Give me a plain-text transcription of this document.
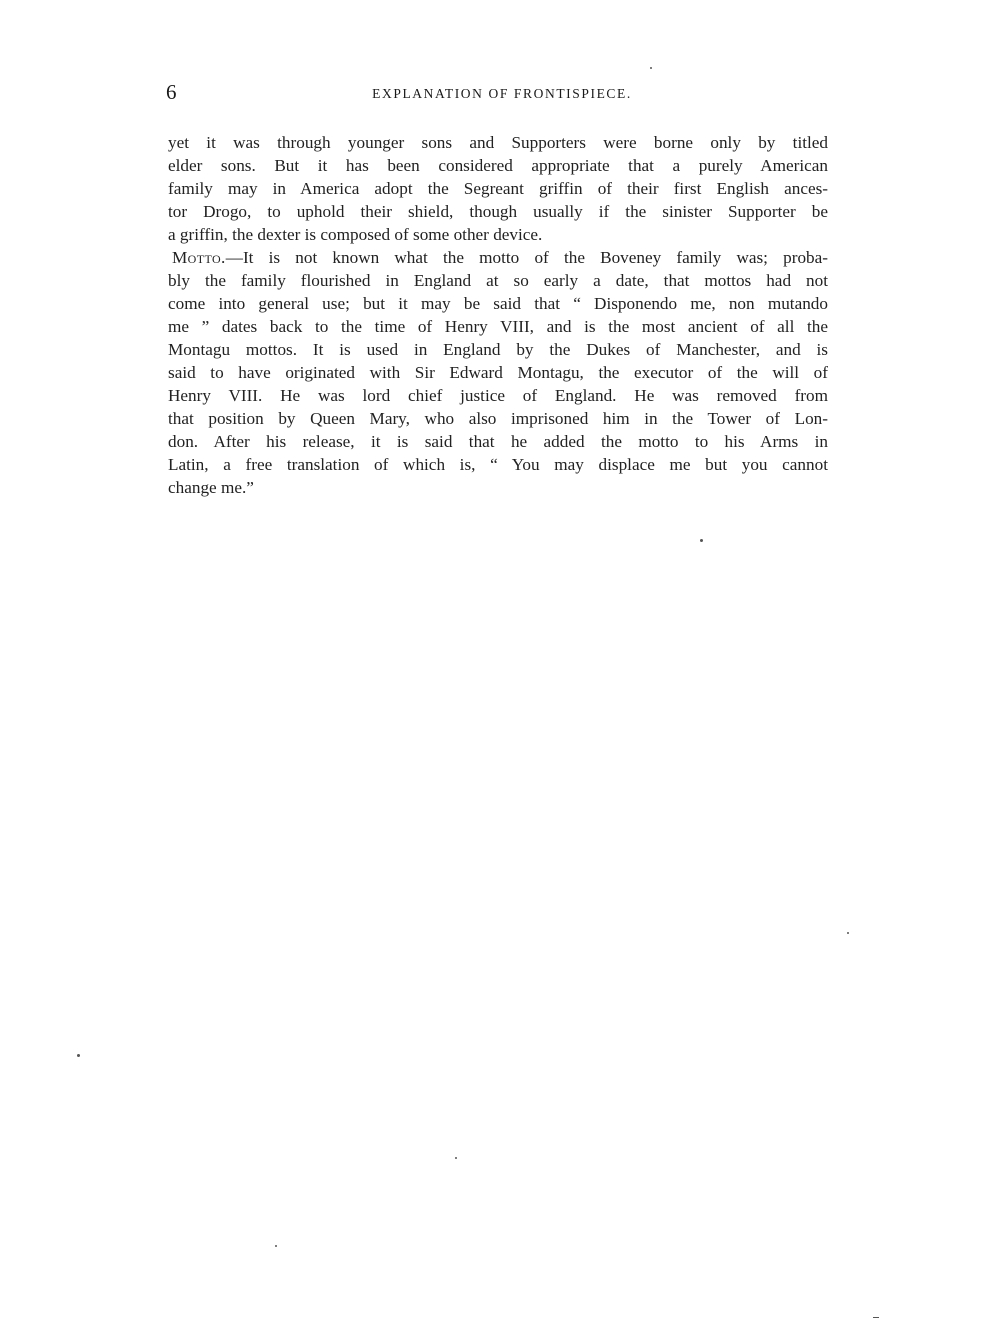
6	EXPLANATION OF FRONTISPIECE.
yet it was through younger sons and Supporters were borne only by titled
elder sons. But it has been considered appropriate that a purely American
family may in America adopt the Segreant griffin of their first English ances-
tor Drogo, to uphold their shield, though usually if the sinister Supporter be
a griffin, the dexter is composed of some other device.
Motto.—It is not known what the motto of the Boveney family was; proba-
bly the family flourished in England at so early a date, that mottos had not
come into general use; but it may be said that “ Disponendo me, non mutando
me ” dates back to the time of Henry VIII, and is the most ancient of all the
Montagu mottos. It is used in England by the Dukes of Manchester, and is
said to have originated with Sir Edward Montagu, the executor of the will of
Henry VIII. He was lord chief justice of England. He was removed from
that position by Queen Mary, who also imprisoned him in the Tower of Lon-
don. After his release, it is said that he added the motto to his Arms in
Latin, a free translation of which is, “ You may displace me but you cannot
change me.”
